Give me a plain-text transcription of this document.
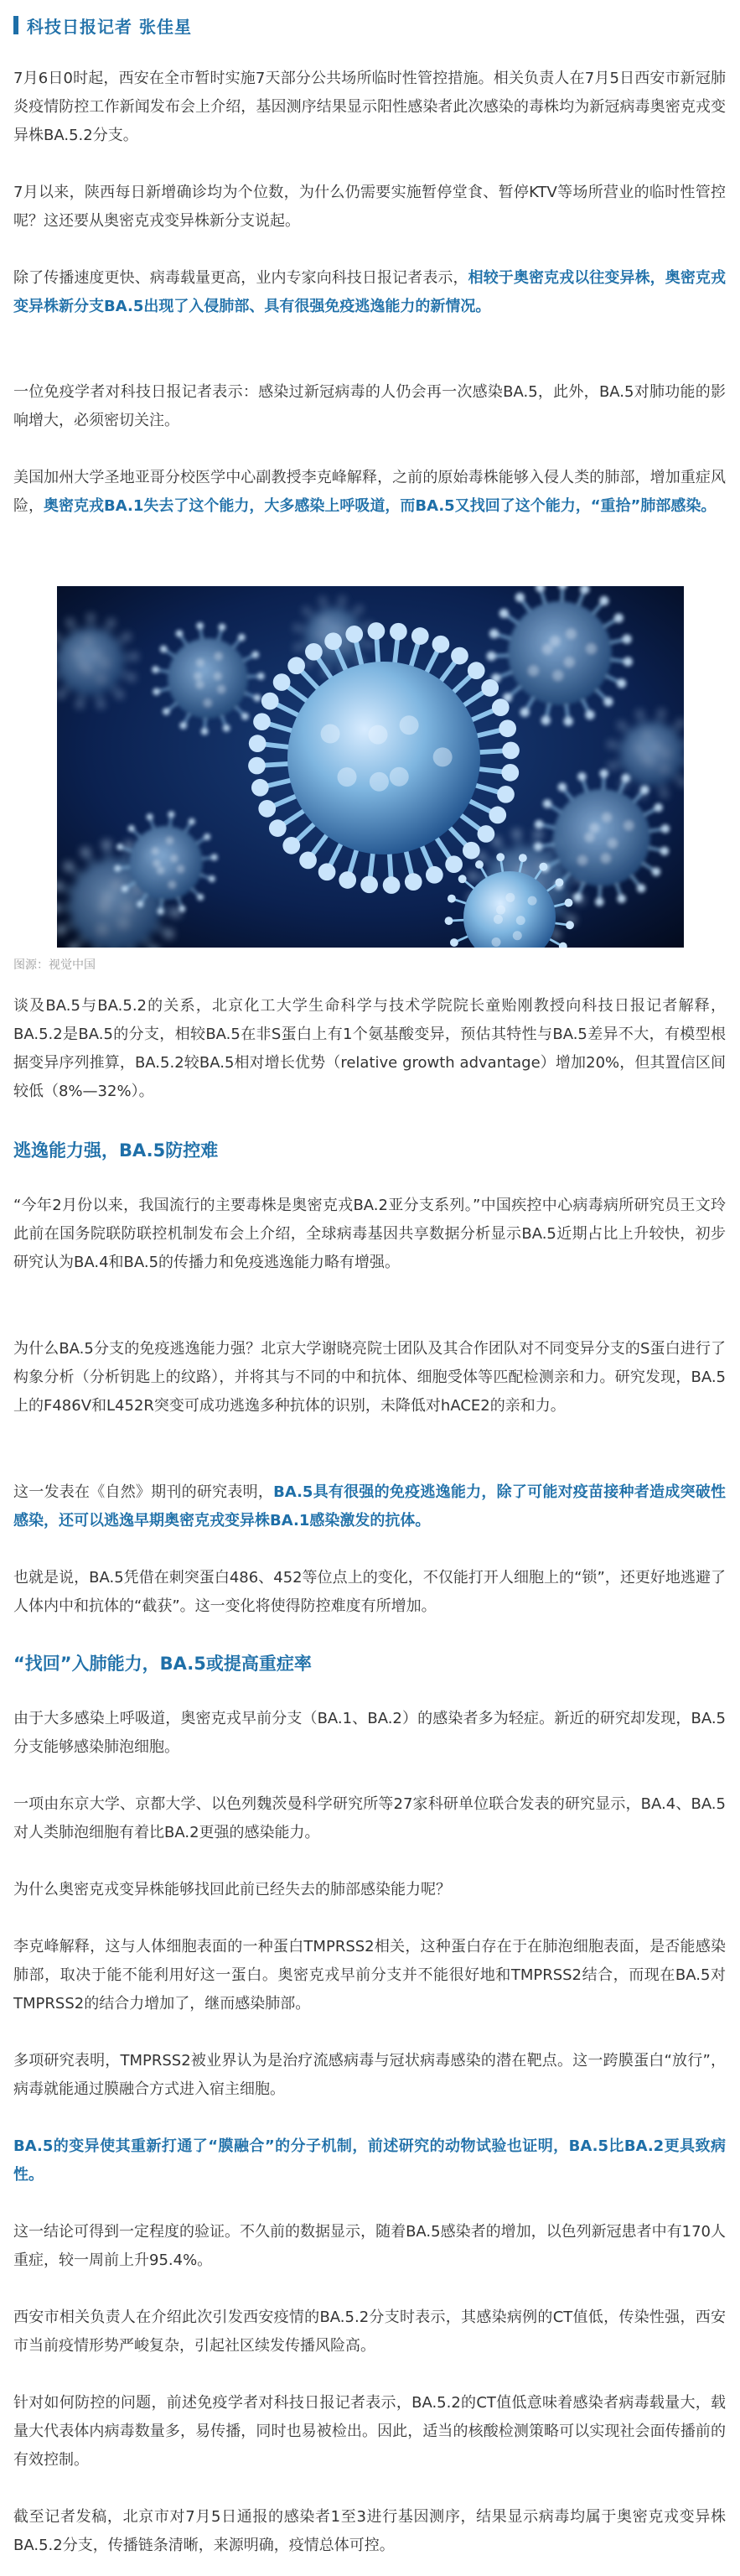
科技日报记者 张佳星

7月6日0时起，西安在全市暂时实施7天部分公共场所临时性管控措施。相关负责人在7月5日西安市新冠肺炎疫情防控工作新闻发布会上介绍，基因测序结果显示阳性感染者此次感染的毒株均为新冠病毒奥密克戎变异株BA.5.2分支。

7月以来，陕西每日新增确诊均为个位数，为什么仍需要实施暂停堂食、暂停KTV等场所营业的临时性管控呢？这还要从奥密克戎变异株新分支说起。

除了传播速度更快、病毒载量更高，业内专家向科技日报记者表示，相较于奥密克戎以往变异株，奥密克戎变异株新分支BA.5出现了入侵肺部、具有很强免疫逃逸能力的新情况。

一位免疫学者对科技日报记者表示：感染过新冠病毒的人仍会再一次感染BA.5，此外，BA.5对肺功能的影响增大，必须密切关注。

美国加州大学圣地亚哥分校医学中心副教授李克峰解释，之前的原始毒株能够入侵人类的肺部，增加重症风险，奥密克戎BA.1失去了这个能力，大多感染上呼吸道，而BA.5又找回了这个能力，“重拾”肺部感染。

图源：视觉中国

谈及BA.5与BA.5.2的关系，北京化工大学生命科学与技术学院院长童贻刚教授向科技日报记者解释，BA.5.2是BA.5的分支，相较BA.5在非S蛋白上有1个氨基酸变异，预估其特性与BA.5差异不大，有模型根据变异序列推算，BA.5.2较BA.5相对增长优势（relative growth advantage）增加20%，但其置信区间较低（8%—32%）。

逃逸能力强，BA.5防控难

“今年2月份以来，我国流行的主要毒株是奥密克戎BA.2亚分支系列。”中国疾控中心病毒病所研究员王文玲此前在国务院联防联控机制发布会上介绍，全球病毒基因共享数据分析显示BA.5近期占比上升较快，初步研究认为BA.4和BA.5的传播力和免疫逃逸能力略有增强。

为什么BA.5分支的免疫逃逸能力强？北京大学谢晓亮院士团队及其合作团队对不同变异分支的S蛋白进行了构象分析（分析钥匙上的纹路），并将其与不同的中和抗体、细胞受体等匹配检测亲和力。研究发现，BA.5上的F486V和L452R突变可成功逃逸多种抗体的识别，未降低对hACE2的亲和力。

这一发表在《自然》期刊的研究表明，BA.5具有很强的免疫逃逸能力，除了可能对疫苗接种者造成突破性感染，还可以逃逸早期奥密克戎变异株BA.1感染激发的抗体。

也就是说，BA.5凭借在刺突蛋白486、452等位点上的变化，不仅能打开人细胞上的“锁”，还更好地逃避了人体内中和抗体的“截获”。这一变化将使得防控难度有所增加。

“找回”入肺能力，BA.5或提高重症率

由于大多感染上呼吸道，奥密克戎早前分支（BA.1、BA.2）的感染者多为轻症。新近的研究却发现，BA.5分支能够感染肺泡细胞。

一项由东京大学、京都大学、以色列魏茨曼科学研究所等27家科研单位联合发表的研究显示，BA.4、BA.5对人类肺泡细胞有着比BA.2更强的感染能力。

为什么奥密克戎变异株能够找回此前已经失去的肺部感染能力呢？

李克峰解释，这与人体细胞表面的一种蛋白TMPRSS2相关，这种蛋白存在于在肺泡细胞表面，是否能感染肺部，取决于能不能利用好这一蛋白。奥密克戎早前分支并不能很好地和TMPRSS2结合，而现在BA.5对TMPRSS2的结合力增加了，继而感染肺部。

多项研究表明，TMPRSS2被业界认为是治疗流感病毒与冠状病毒感染的潜在靶点。这一跨膜蛋白“放行”，病毒就能通过膜融合方式进入宿主细胞。

BA.5的变异使其重新打通了“膜融合”的分子机制，前述研究的动物试验也证明，BA.5比BA.2更具致病性。

这一结论可得到一定程度的验证。不久前的数据显示，随着BA.5感染者的增加，以色列新冠患者中有170人重症，较一周前上升95.4%。

西安市相关负责人在介绍此次引发西安疫情的BA.5.2分支时表示，其感染病例的CT值低，传染性强，西安市当前疫情形势严峻复杂，引起社区续发传播风险高。

针对如何防控的问题，前述免疫学者对科技日报记者表示，BA.5.2的CT值低意味着感染者病毒载量大，载量大代表体内病毒数量多，易传播，同时也易被检出。因此，适当的核酸检测策略可以实现社会面传播前的有效控制。

截至记者发稿，北京市对7月5日通报的感染者1至3进行基因测序，结果显示病毒均属于奥密克戎变异株BA.5.2分支，传播链条清晰，来源明确，疫情总体可控。
